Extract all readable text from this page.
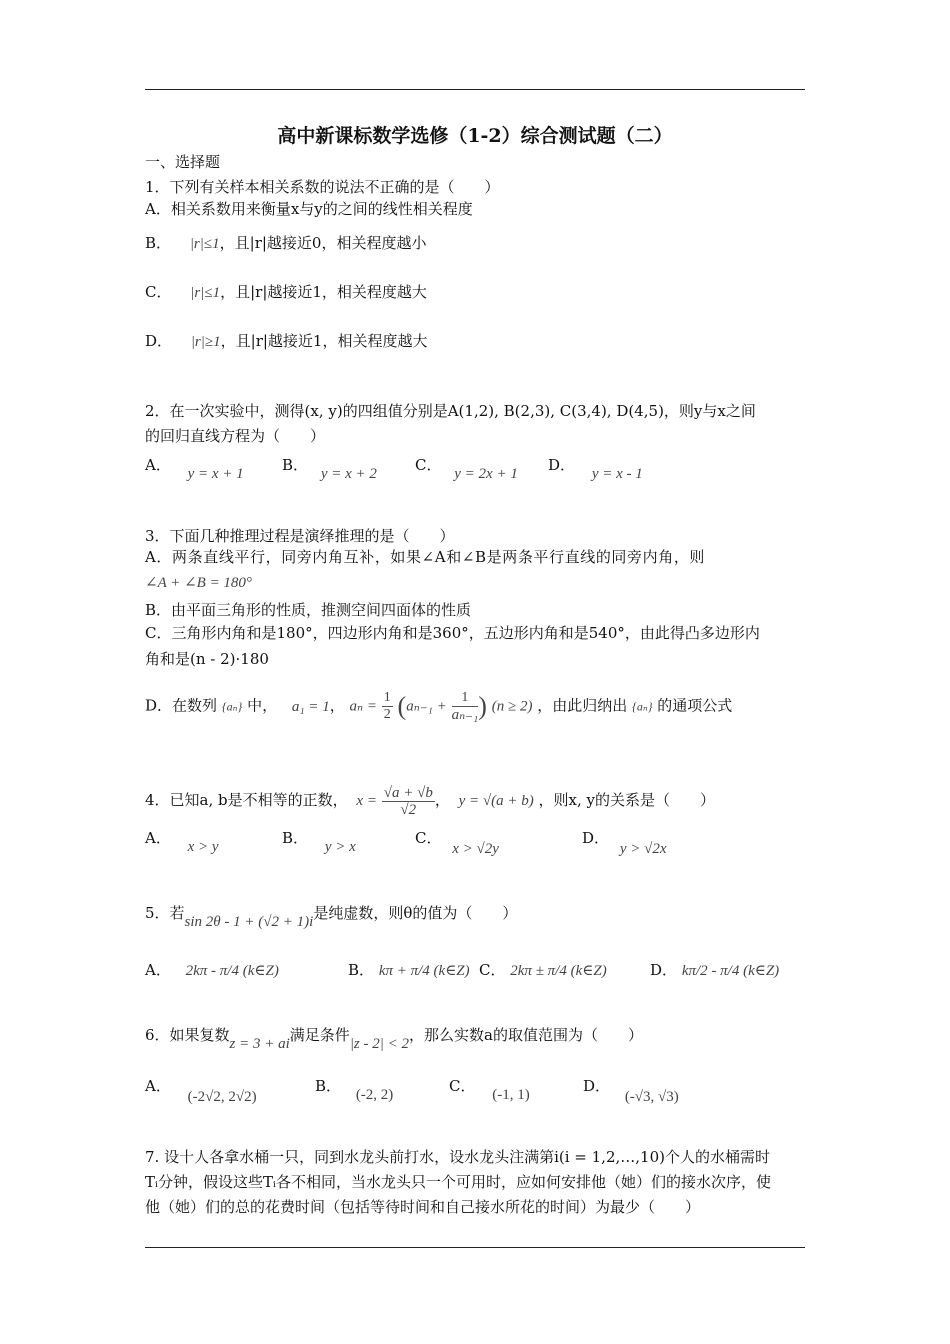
高中新课标数学选修（1-2）综合测试题（二）
一、选择题
1．下列有关样本相关系数的说法不正确的是（　　）
A．相关系数用来衡量x与y的之间的线性相关程度
B． |r|≤1，且|r|越接近0，相关程度越小
C． |r|≤1，且|r|越接近1，相关程度越大
D． |r|≥1，且|r|越接近1，相关程度越大
2．在一次实验中，测得(x, y)的四组值分别是A(1,2), B(2,3), C(3,4), D(4,5)，则y与x之间
的回归直线方程为（　　）
A． y = x + 1	B． y = x + 2	C． y = 2x + 1 D． y = x - 1
3．下面几种推理过程是演绎推理的是（　　）
A．两条直线平行，同旁内角互补，如果∠A和∠B是两条平行直线的同旁内角，则
∠A + ∠B = 180°
B．由平面三角形的性质，推测空间四面体的性质
C．三角形内角和是180°，四边形内角和是360°，五边形内角和是540°，由此得凸多边形内
角和是(n - 2)·180
D．在数列 {aₙ} 中， a₁ = 1， $a_n = \frac{1}{2} (a_{n-1} + \frac{1}{\text{aₙ₋₁}}$ ) (n ≥ 2) ，由此归纳出 {aₙ} 的通项公式
4．已知a, b是不相等的正数， $x = \frac{√a + √b}{√2}$ ， y = √(a + b) ，则x, y的关系是（　　）
A． x > y	B． y > x	C． x > √2y
D． y > √2x
5．若sin 2θ - 1 + (√2 + 1)i是纯虚数，则θ的值为（　　）
A． 2kπ - π/4 (k∈Z)	B． kπ + π/4 (k∈Z) C． 2kπ ± π/4 (k∈Z)	D． kπ/2 - π/4 (k∈Z)
6．如果复数z = 3 + ai满足条件|z - 2| < 2，那么实数a的取值范围为（　　）
A． (-2√2, 2√2)
B． (-2, 2)	C． (-1, 1)	D． (-√3, √3)
7. 设十人各拿水桶一只，同到水龙头前打水，设水龙头注满第i(i = 1,2,…,10)个人的水桶需时
Tᵢ分钟，假设这些Tᵢ各不相同，当水龙头只一个可用时，应如何安排他（她）们的接水次序，使
他（她）们的总的花费时间（包括等待时间和自己接水所花的时间）为最少（　　）
